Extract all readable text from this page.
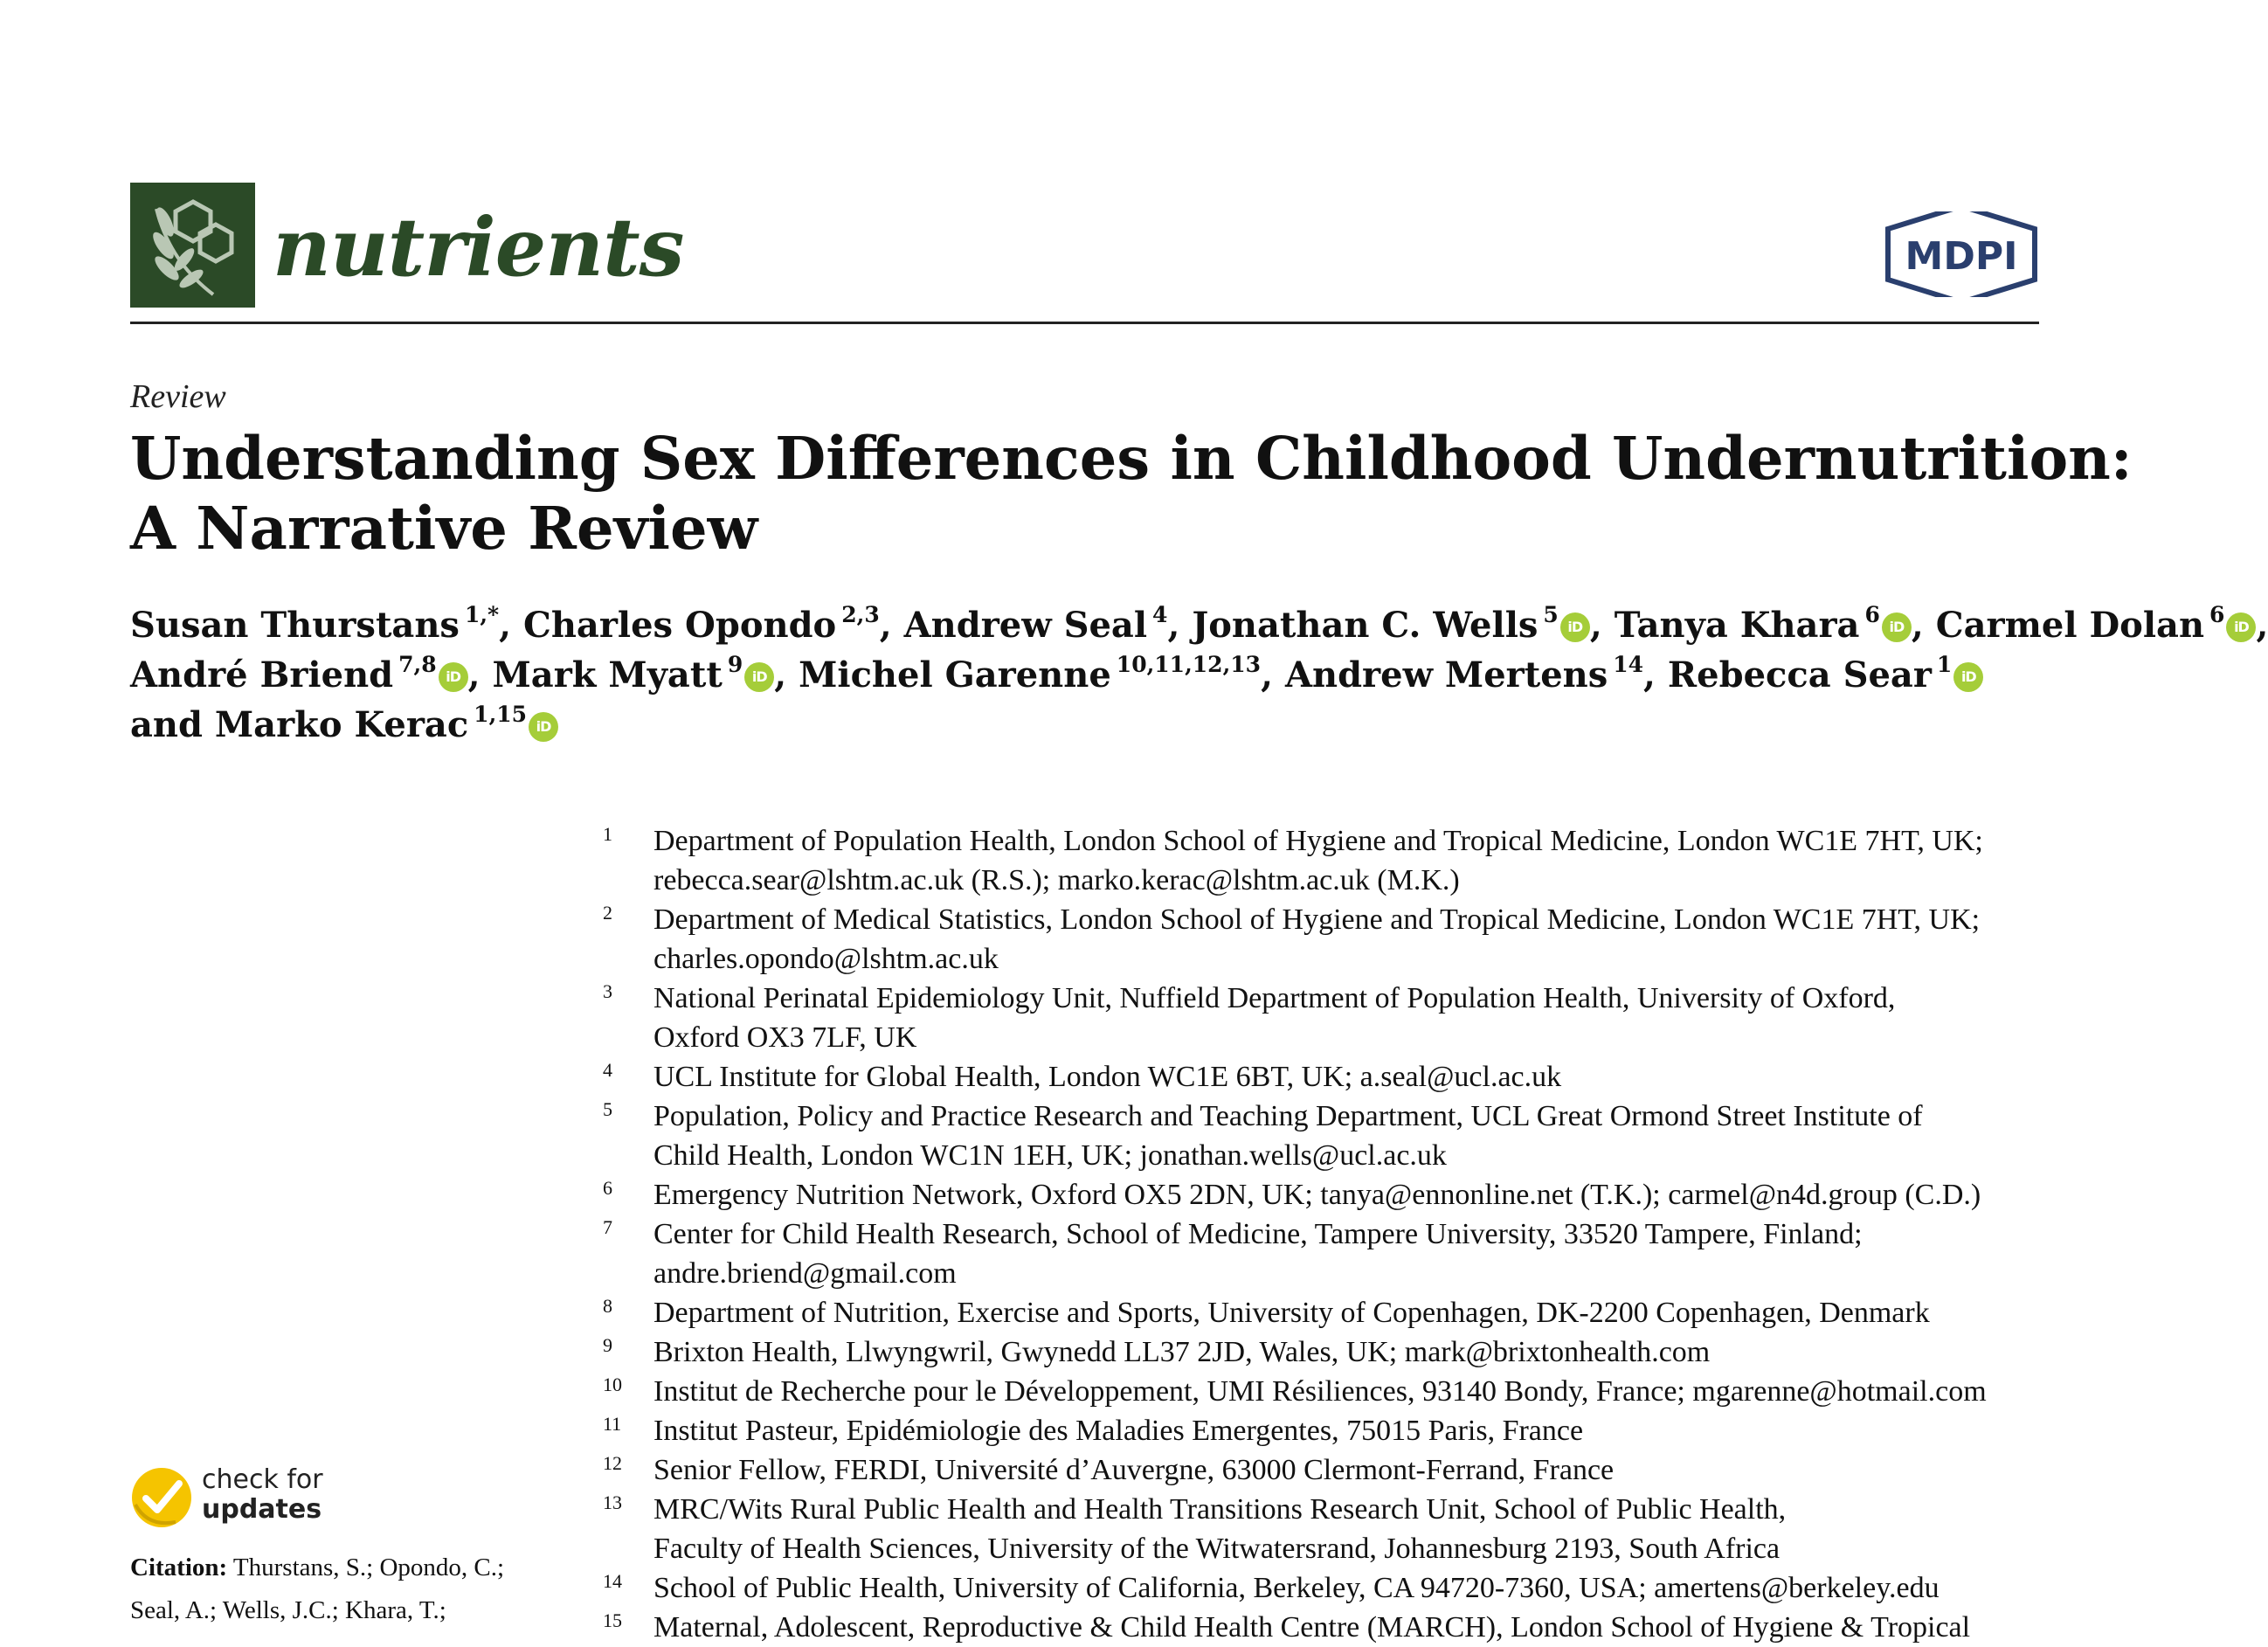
nutrients	MDPI
Review
Understanding Sex Differences in Childhood Undernutrition:
A Narrative Review
Susan Thurstans $^{1,*}$, Charles Opondo $^{2,3}$, Andrew Seal $^4$, Jonathan C. Wells $^5$ iD , Tanya Khara $^6$ iD , Carmel Dolan $^6$ iD ,
André Briend $^{7,8}$ iD , Mark Myatt $^9$ iD , Michel Garenne $^{10,11,12,13}$, Andrew Mertens $^{14}$, Rebecca Sear $^1$ iD
and Marko Kerac $^{1,15}$ iD
1 Department of Population Health, London School of Hygiene and Tropical Medicine, London WC1E 7HT, UK;
rebecca.sear@lshtm.ac.uk (R.S.); marko.kerac@lshtm.ac.uk (M.K.)
2 Department of Medical Statistics, London School of Hygiene and Tropical Medicine, London WC1E 7HT, UK;
charles.opondo@lshtm.ac.uk
3 National Perinatal Epidemiology Unit, Nuffield Department of Population Health, University of Oxford,
Oxford OX3 7LF, UK
4 UCL Institute for Global Health, London WC1E 6BT, UK; a.seal@ucl.ac.uk
5 Population, Policy and Practice Research and Teaching Department, UCL Great Ormond Street Institute of
Child Health, London WC1N 1EH, UK; jonathan.wells@ucl.ac.uk
6 Emergency Nutrition Network, Oxford OX5 2DN, UK; tanya@ennonline.net (T.K.); carmel@n4d.group (C.D.)
7 Center for Child Health Research, School of Medicine, Tampere University, 33520 Tampere, Finland;
andre.briend@gmail.com
8 Department of Nutrition, Exercise and Sports, University of Copenhagen, DK-2200 Copenhagen, Denmark
9 Brixton Health, Llwyngwril, Gwynedd LL37 2JD, Wales, UK; mark@brixtonhealth.com
10 Institut de Recherche pour le Développement, UMI Résiliences, 93140 Bondy, France; mgarenne@hotmail.com
11 Institut Pasteur, Epidémiologie des Maladies Emergentes, 75015 Paris, France
12 Senior Fellow, FERDI, Université d’Auvergne, 63000 Clermont-Ferrand, France
13 MRC/Wits Rural Public Health and Health Transitions Research Unit, School of Public Health,
Faculty of Health Sciences, University of the Witwatersrand, Johannesburg 2193, South Africa
14 School of Public Health, University of California, Berkeley, CA 94720-7360, USA; amertens@berkeley.edu
15 Maternal, Adolescent, Reproductive & Child Health Centre (MARCH), London School of Hygiene & Tropical
check for
updates
Citation: Thurstans, S.; Opondo, C.;
Seal, A.; Wells, J.C.; Khara, T.;
